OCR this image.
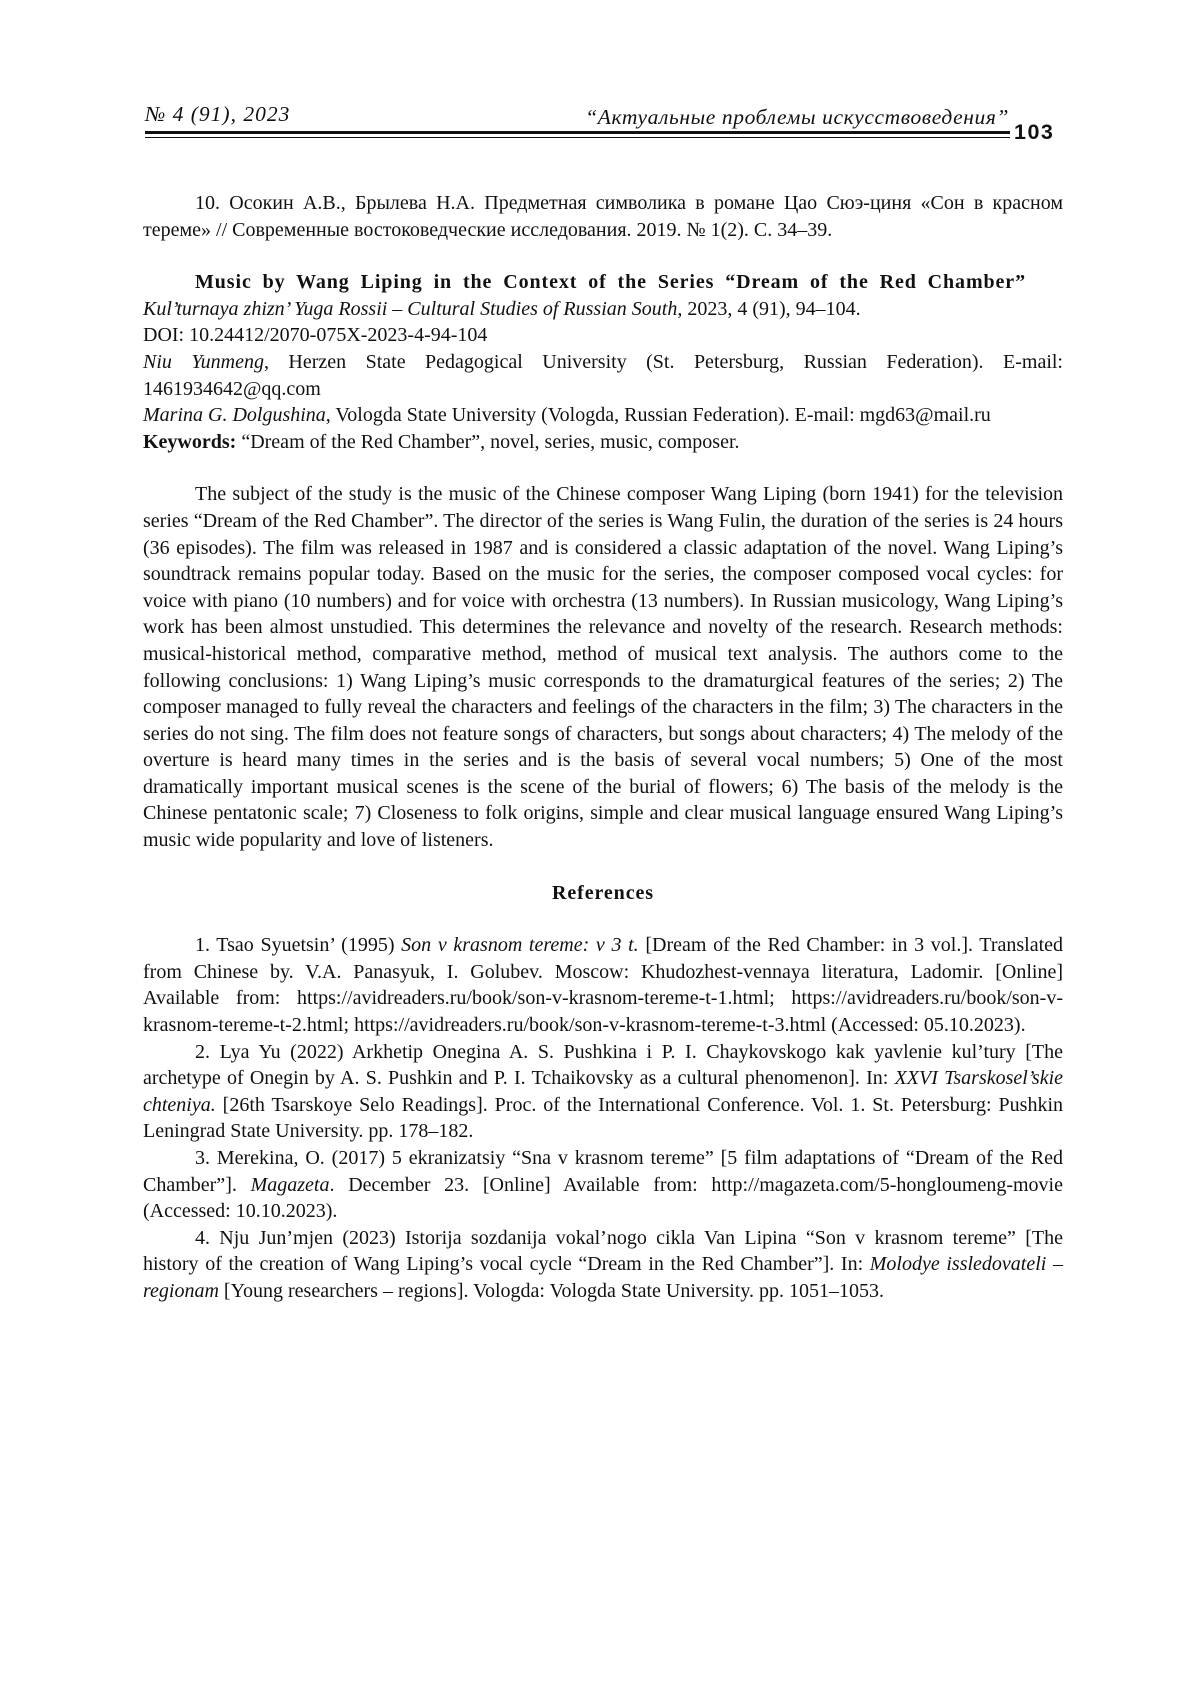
№ 4 (91), 2023	“Актуальные проблемы искусствоведения”
103

10. Осокин А.В., Брылева Н.А. Предметная символика в романе Цао Сюэ-циня «Сон в красном тереме» // Современные востоковедческие исследования. 2019. № 1(2). С. 34–39.

Music by Wang Liping in the Context of the Series “Dream of the Red Chamber”

Kul’turnaya zhizn’ Yuga Rossii – Cultural Studies of Russian South, 2023, 4 (91), 94–104.

DOI: 10.24412/2070-075X-2023-4-94-104

Niu Yunmeng, Herzen State Pedagogical University (St. Petersburg, Russian Federation). E-mail: 1461934642@qq.com

Marina G. Dolgushina, Vologda State University (Vologda, Russian Federation). E-mail: mgd63@mail.ru

Keywords: “Dream of the Red Chamber”, novel, series, music, composer.

The subject of the study is the music of the Chinese composer Wang Liping (born 1941) for the television series “Dream of the Red Chamber”. The director of the series is Wang Fulin, the duration of the series is 24 hours (36 episodes). The film was released in 1987 and is considered a classic adaptation of the novel. Wang Liping’s soundtrack remains popular today. Based on the music for the series, the composer composed vocal cycles: for voice with piano (10 numbers) and for voice with orchestra (13 numbers). In Russian musicology, Wang Liping’s work has been almost unstudied. This determines the relevance and novelty of the research. Research methods: musical-historical method, comparative method, method of musical text analysis. The authors come to the following conclusions: 1) Wang Liping’s music corresponds to the dramaturgical features of the series; 2) The composer managed to fully reveal the characters and feelings of the characters in the film; 3) The characters in the series do not sing. The film does not feature songs of characters, but songs about characters; 4) The melody of the overture is heard many times in the series and is the basis of several vocal numbers; 5) One of the most dramatically important musical scenes is the scene of the burial of flowers; 6) The basis of the melody is the Chinese pentatonic scale; 7) Closeness to folk origins, simple and clear musical language ensured Wang Liping’s music wide popularity and love of listeners.

References

1. Tsao Syuetsin’ (1995) Son v krasnom tereme: v 3 t. [Dream of the Red Chamber: in 3 vol.]. Translated from Chinese by. V.A. Panasyuk, I. Golubev. Moscow: Khudozhest-vennaya literatura, Ladomir. [Online] Available from: https://avidreaders.ru/book/son-v-krasnom-tereme-t-1.html; https://avidreaders.ru/book/son-v-krasnom-tereme-t-2.html; https://avidreaders.ru/book/son-v-krasnom-tereme-t-3.html (Accessed: 05.10.2023).

2. Lya Yu (2022) Arkhetip Onegina A. S. Pushkina i P. I. Chaykovskogo kak yavlenie kul’tury [The archetype of Onegin by A. S. Pushkin and P. I. Tchaikovsky as a cultural phenomenon]. In: XXVI Tsarskosel’skie chteniya. [26th Tsarskoye Selo Readings]. Proc. of the International Conference. Vol. 1. St. Petersburg: Pushkin Leningrad State University. pp. 178–182.

3. Merekina, O. (2017) 5 ekranizatsiy “Sna v krasnom tereme” [5 film adaptations of “Dream of the Red Chamber”]. Magazeta. December 23. [Online] Available from: http://magazeta.com/5-hongloumeng-movie (Accessed: 10.10.2023).

4. Nju Jun’mjen (2023) Istorija sozdanija vokal’nogo cikla Van Lipina “Son v krasnom tereme” [The history of the creation of Wang Liping’s vocal cycle “Dream in the Red Chamber”]. In: Molodye issledovateli – regionam [Young researchers – regions]. Vologda: Vologda State University. pp. 1051–1053.
